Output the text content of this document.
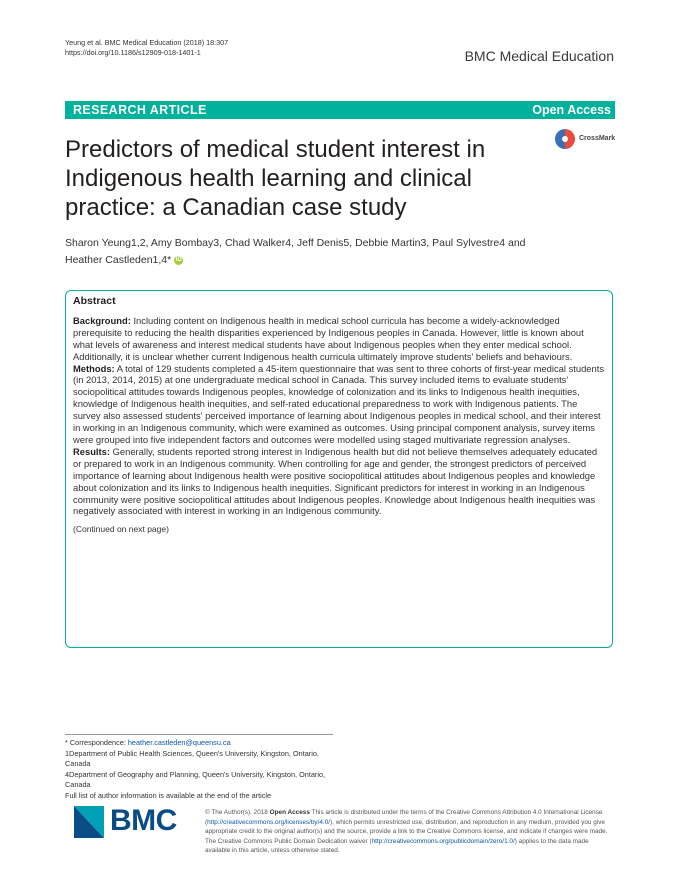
Yeung et al. BMC Medical Education (2018) 18:307
https://doi.org/10.1186/s12909-018-1401-1	BMC Medical Education
RESEARCH ARTICLE	Open Access
CrossMark
Predictors of medical student interest in Indigenous health learning and clinical practice: a Canadian case study
Sharon Yeung1,2, Amy Bombay3, Chad Walker4, Jeff Denis5, Debbie Martin3, Paul Sylvestre4 and
Heather Castleden1,4* iD
Abstract

Background: Including content on Indigenous health in medical school curricula has become a widely-acknowledged prerequisite to reducing the health disparities experienced by Indigenous peoples in Canada. However, little is known about what levels of awareness and interest medical students have about Indigenous peoples when they enter medical school. Additionally, it is unclear whether current Indigenous health curricula ultimately improve students' beliefs and behaviours.

Methods: A total of 129 students completed a 45-item questionnaire that was sent to three cohorts of first-year medical students (in 2013, 2014, 2015) at one undergraduate medical school in Canada. This survey included items to evaluate students' sociopolitical attitudes towards Indigenous peoples, knowledge of colonization and its links to Indigenous health inequities, knowledge of Indigenous health inequities, and self-rated educational preparedness to work with Indigenous patients. The survey also assessed students' perceived importance of learning about Indigenous peoples in medical school, and their interest in working in an Indigenous community, which were examined as outcomes. Using principal component analysis, survey items were grouped into five independent factors and outcomes were modelled using staged multivariate regression analyses.

Results: Generally, students reported strong interest in Indigenous health but did not believe themselves adequately educated or prepared to work in an Indigenous community. When controlling for age and gender, the strongest predictors of perceived importance of learning about Indigenous health were positive sociopolitical attitudes about Indigenous peoples and knowledge about colonization and its links to Indigenous health inequities. Significant predictors for interest in working in an Indigenous community were positive sociopolitical attitudes about Indigenous peoples. Knowledge about Indigenous health inequities was negatively associated with interest in working in an Indigenous community.

(Continued on next page)

* Correspondence: heather.castleden@queensu.ca
1Department of Public Health Sciences, Queen's University, Kingston, Ontario, Canada
4Department of Geography and Planning, Queen's University, Kingston, Ontario, Canada
Full list of author information is available at the end of the article
BMC	© The Author(s). 2018 Open Access This article is distributed under the terms of the Creative Commons Attribution 4.0 International License (http://creativecommons.org/licenses/by/4.0/), which permits unrestricted use, distribution, and reproduction in any medium, provided you give appropriate credit to the original author(s) and the source, provide a link to the Creative Commons license, and indicate if changes were made. The Creative Commons Public Domain Dedication waiver (http://creativecommons.org/publicdomain/zero/1.0/) applies to the data made available in this article, unless otherwise stated.
